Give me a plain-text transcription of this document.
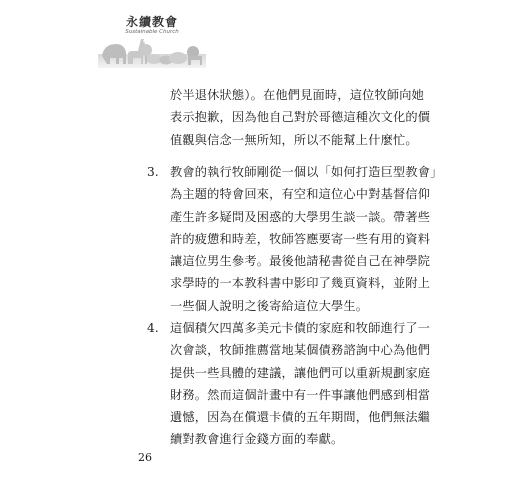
永續教會
Sustainable Church
於半退休狀態）。在他們見面時，這位牧師向她
表示抱歉，因為他自己對於哥德這種次文化的價
值觀與信念一無所知，所以不能幫上什麼忙。
3. 教會的執行牧師剛從一個以「如何打造巨型教會」
為主題的特會回來，有空和這位心中對基督信仰
產生許多疑問及困惑的大學男生談一談。帶著些
許的疲憊和時差，牧師答應要寄一些有用的資料
讓這位男生參考。最後他請秘書從自己在神學院
求學時的一本教科書中影印了幾頁資料，並附上
一些個人說明之後寄給這位大學生。
4. 這個積欠四萬多美元卡債的家庭和牧師進行了一
次會談，牧師推薦當地某個債務諮詢中心為他們
提供一些具體的建議，讓他們可以重新規劃家庭
財務。然而這個計畫中有一件事讓他們感到相當
遺憾，因為在償還卡債的五年期間，他們無法繼
續對教會進行金錢方面的奉獻。
26
